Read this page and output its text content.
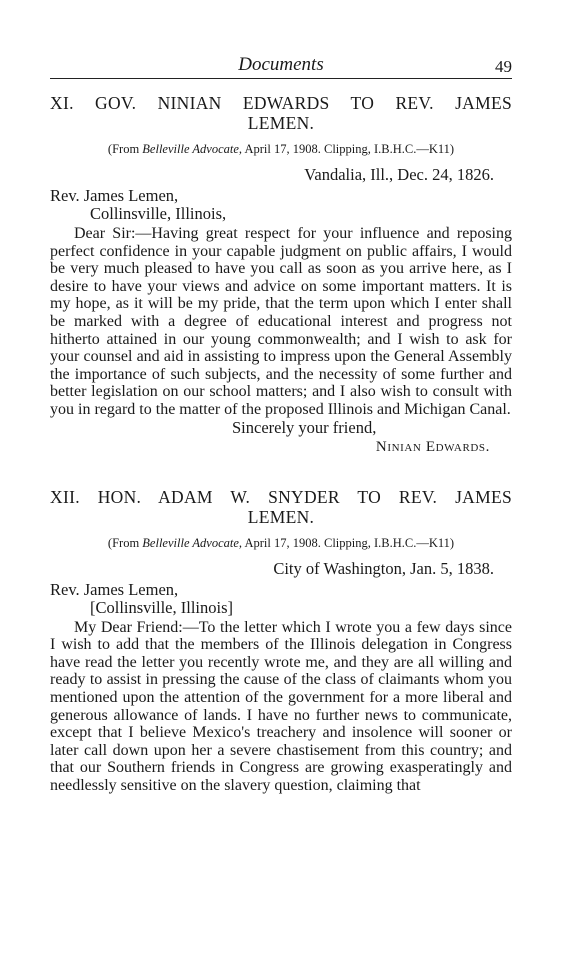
Documents	49
XI. GOV. NINIAN EDWARDS TO REV. JAMES
LEMEN.
(From Belleville Advocate, April 17, 1908. Clipping, I.B.H.C.—K11)
Vandalia, Ill., Dec. 24, 1826.
Rev. James Lemen,
Collinsville, Illinois,

Dear Sir:—Having great respect for your influence and reposing perfect confidence in your capable judgment on public affairs, I would be very much pleased to have you call as soon as you arrive here, as I desire to have your views and advice on some important matters. It is my hope, as it will be my pride, that the term upon which I enter shall be marked with a degree of educational interest and progress not hitherto attained in our young commonwealth; and I wish to ask for your counsel and aid in assisting to impress upon the General Assembly the importance of such subjects, and the necessity of some further and better legislation on our school matters; and I also wish to consult with you in regard to the matter of the proposed Illinois and Michigan Canal.

Sincerely your friend,
Ninian Edwards.
XII. HON. ADAM W. SNYDER TO REV. JAMES
LEMEN.
(From Belleville Advocate, April 17, 1908. Clipping, I.B.H.C.—K11)
City of Washington, Jan. 5, 1838.
Rev. James Lemen,
[Collinsville, Illinois]

My Dear Friend:—To the letter which I wrote you a few days since I wish to add that the members of the Illinois delegation in Congress have read the letter you recently wrote me, and they are all willing and ready to assist in pressing the cause of the class of claimants whom you mentioned upon the attention of the government for a more liberal and generous allowance of lands. I have no further news to communicate, except that I believe Mexico's treachery and insolence will sooner or later call down upon her a severe chastisement from this country; and that our Southern friends in Congress are growing exasperatingly and needlessly sensitive on the slavery question, claiming that
